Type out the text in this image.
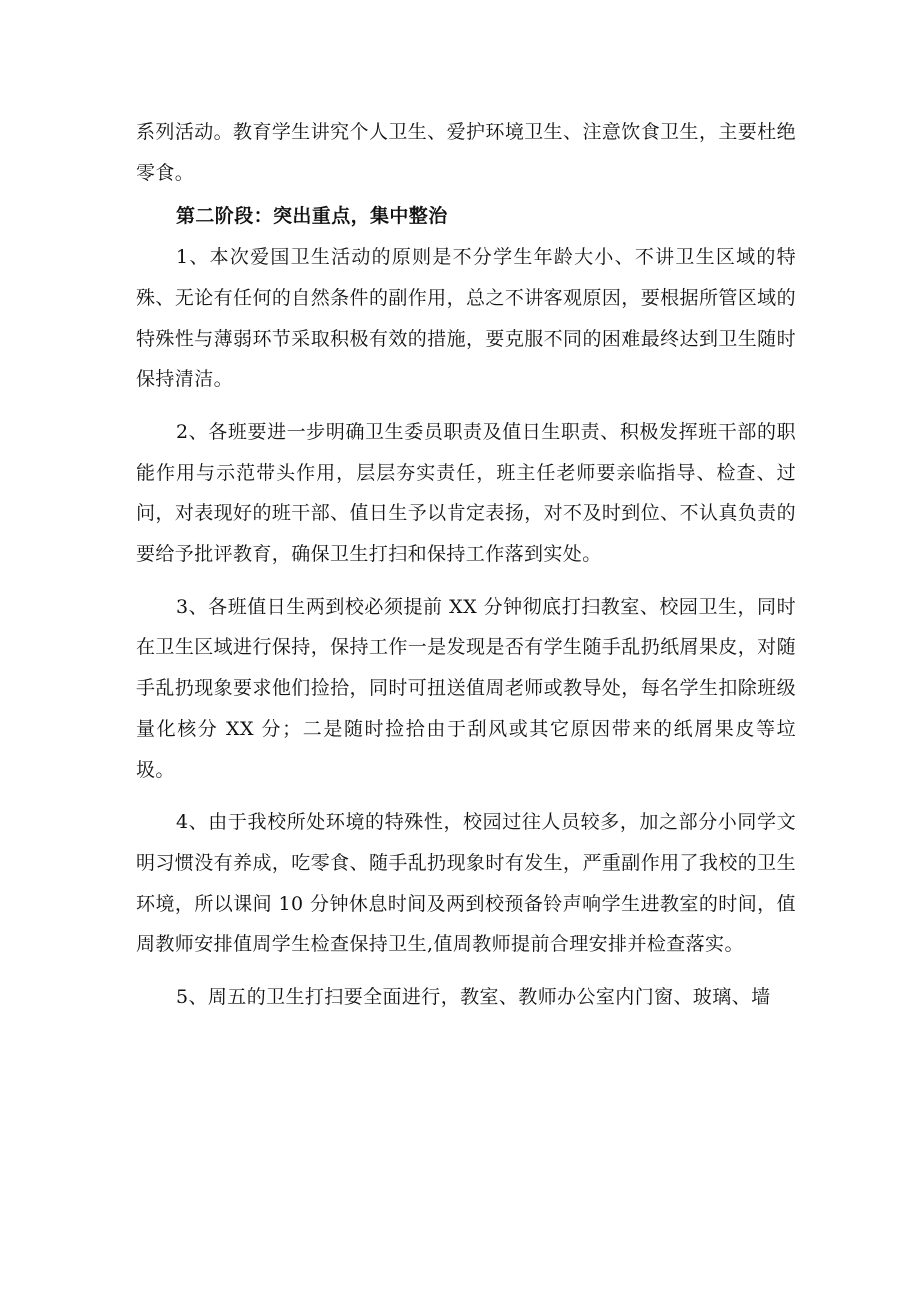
系列活动。教育学生讲究个人卫生、爱护环境卫生、注意饮食卫生，主要杜绝零食。

第二阶段：突出重点，集中整治

1、本次爱国卫生活动的原则是不分学生年龄大小、不讲卫生区域的特殊、无论有任何的自然条件的副作用，总之不讲客观原因，要根据所管区域的特殊性与薄弱环节采取积极有效的措施，要克服不同的困难最终达到卫生随时保持清洁。

2、各班要进一步明确卫生委员职责及值日生职责、积极发挥班干部的职能作用与示范带头作用，层层夯实责任，班主任老师要亲临指导、检查、过问，对表现好的班干部、值日生予以肯定表扬，对不及时到位、不认真负责的要给予批评教育，确保卫生打扫和保持工作落到实处。

3、各班值日生两到校必须提前 XX 分钟彻底打扫教室、校园卫生，同时在卫生区域进行保持，保持工作一是发现是否有学生随手乱扔纸屑果皮，对随手乱扔现象要求他们捡拾，同时可扭送值周老师或教导处，每名学生扣除班级量化核分 XX 分；二是随时捡拾由于刮风或其它原因带来的纸屑果皮等垃圾。

4、由于我校所处环境的特殊性，校园过往人员较多，加之部分小同学文明习惯没有养成，吃零食、随手乱扔现象时有发生，严重副作用了我校的卫生环境，所以课间 10 分钟休息时间及两到校预备铃声响学生进教室的时间，值周教师安排值周学生检查保持卫生,值周教师提前合理安排并检查落实。

5、周五的卫生打扫要全面进行，教室、教师办公室内门窗、玻璃、墙
